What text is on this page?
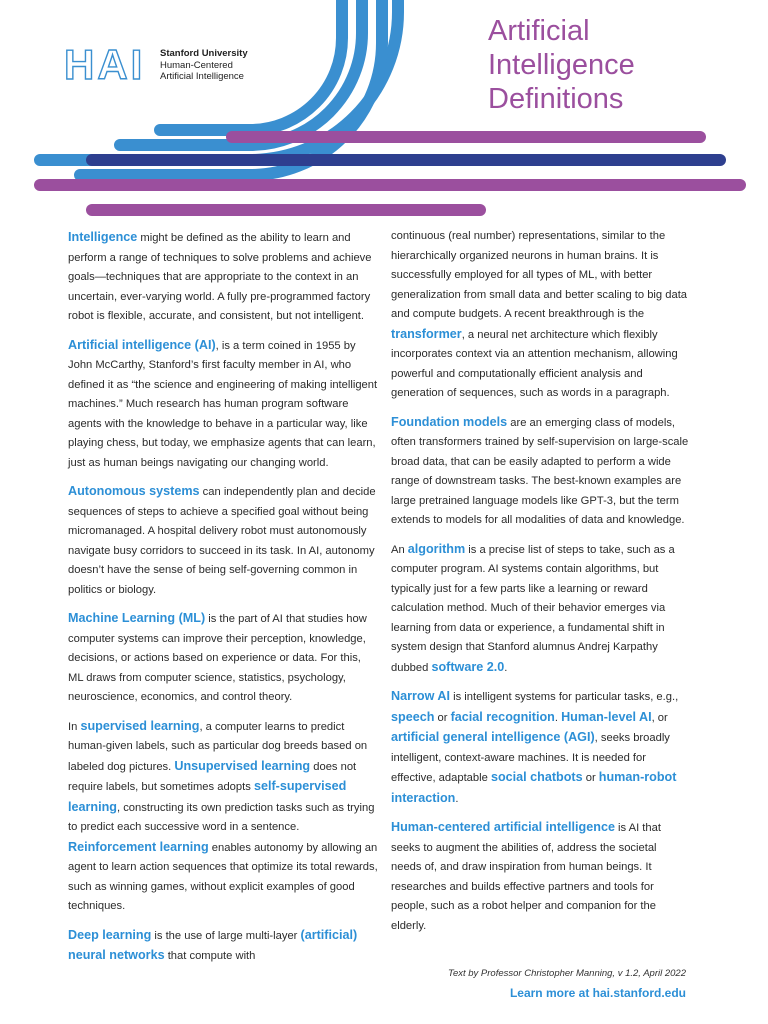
HAI Stanford University
Human-Centered
Artificial Intelligence
Artificial
Intelligence
Definitions

Intelligence might be defined as the ability to learn and perform a range of techniques to solve problems and achieve goals—techniques that are appropriate to the context in an uncertain, ever-varying world. A fully pre-programmed factory robot is flexible, accurate, and consistent, but not intelligent.

Artificial intelligence (AI), is a term coined in 1955 by John McCarthy, Stanford’s first faculty member in AI, who defined it as “the science and engineering of making intelligent machines.” Much research has human program software agents with the knowledge to behave in a particular way, like playing chess, but today, we emphasize agents that can learn, just as human beings navigating our changing world.

Autonomous systems can independently plan and decide sequences of steps to achieve a specified goal without being micromanaged. A hospital delivery robot must autonomously navigate busy corridors to succeed in its task. In AI, autonomy doesn’t have the sense of being self-governing common in politics or biology.

Machine Learning (ML) is the part of AI that studies how computer systems can improve their perception, knowledge, decisions, or actions based on experience or data. For this, ML draws from computer science, statistics, psychology, neuroscience, economics, and control theory.

In supervised learning, a computer learns to predict human-given labels, such as particular dog breeds based on labeled dog pictures. Unsupervised learning does not require labels, but sometimes adopts self-supervised learning, constructing its own prediction tasks such as trying to predict each successive word in a sentence. Reinforcement learning enables autonomy by allowing an agent to learn action sequences that optimize its total rewards, such as winning games, without explicit examples of good techniques.

Deep learning is the use of large multi-layer (artificial) neural networks that compute with

continuous (real number) representations, similar to the hierarchically organized neurons in human brains. It is successfully employed for all types of ML, with better generalization from small data and better scaling to big data and compute budgets. A recent breakthrough is the transformer, a neural net architecture which flexibly incorporates context via an attention mechanism, allowing powerful and computationally efficient analysis and generation of sequences, such as words in a paragraph.

Foundation models are an emerging class of models, often transformers trained by self-supervision on large-scale broad data, that can be easily adapted to perform a wide range of downstream tasks. The best-known examples are large pretrained language models like GPT-3, but the term extends to models for all modalities of data and knowledge.

An algorithm is a precise list of steps to take, such as a computer program. AI systems contain algorithms, but typically just for a few parts like a learning or reward calculation method. Much of their behavior emerges via learning from data or experience, a fundamental shift in system design that Stanford alumnus Andrej Karpathy dubbed software 2.0.

Narrow AI is intelligent systems for particular tasks, e.g., speech or facial recognition. Human-level AI, or artificial general intelligence (AGI), seeks broadly intelligent, context-aware machines. It is needed for effective, adaptable social chatbots or human-robot interaction.

Human-centered artificial intelligence is AI that seeks to augment the abilities of, address the societal needs of, and draw inspiration from human beings. It researches and builds effective partners and tools for people, such as a robot helper and companion for the elderly.

Text by Professor Christopher Manning, v 1.2, April 2022
Learn more at hai.stanford.edu
